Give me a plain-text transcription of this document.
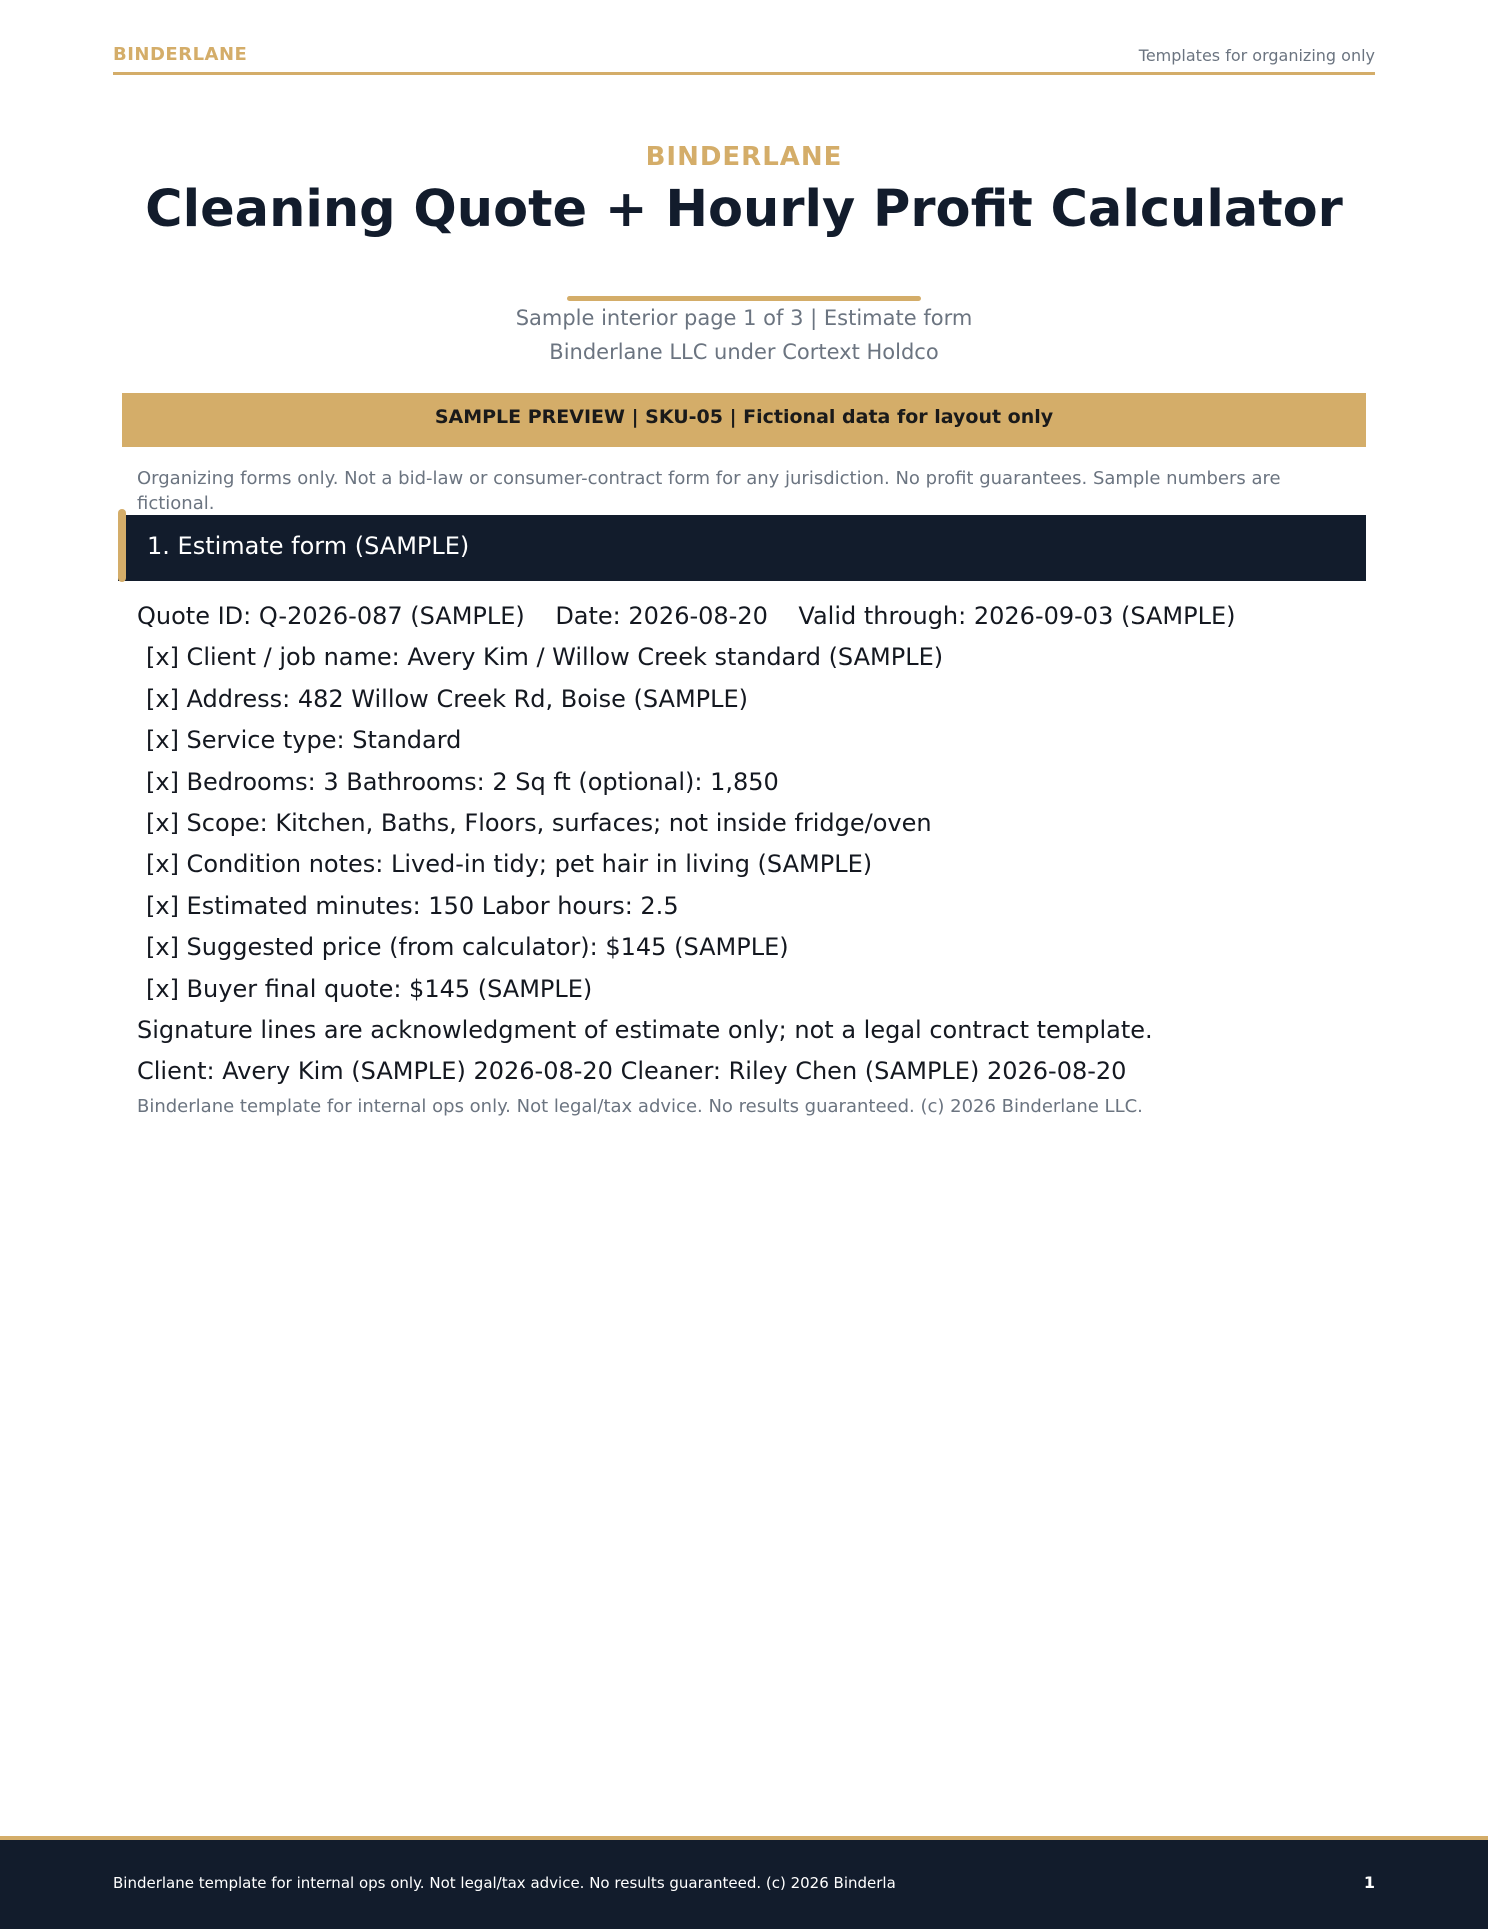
BINDERLANE	Templates for organizing only
BINDERLANE
Cleaning Quote + Hourly Profit Calculator
Sample interior page 1 of 3 | Estimate form
Binderlane LLC under Cortext Holdco
SAMPLE PREVIEW | SKU-05 | Fictional data for layout only
Organizing forms only. Not a bid-law or consumer-contract form for any jurisdiction. No profit guarantees. Sample numbers are fictional.
1. Estimate form (SAMPLE)
Quote ID: Q-2026-087 (SAMPLE)    Date: 2026-08-20    Valid through: 2026-09-03 (SAMPLE)
[x] Client / job name: Avery Kim / Willow Creek standard (SAMPLE)
[x] Address: 482 Willow Creek Rd, Boise (SAMPLE)
[x] Service type: Standard
[x] Bedrooms: 3 Bathrooms: 2 Sq ft (optional): 1,850
[x] Scope: Kitchen, Baths, Floors, surfaces; not inside fridge/oven
[x] Condition notes: Lived-in tidy; pet hair in living (SAMPLE)
[x] Estimated minutes: 150 Labor hours: 2.5
[x] Suggested price (from calculator): $145 (SAMPLE)
[x] Buyer final quote: $145 (SAMPLE)
Signature lines are acknowledgment of estimate only; not a legal contract template.
Client: Avery Kim (SAMPLE) 2026-08-20 Cleaner: Riley Chen (SAMPLE) 2026-08-20
Binderlane template for internal ops only. Not legal/tax advice. No results guaranteed. (c) 2026 Binderlane LLC.
Binderlane template for internal ops only. Not legal/tax advice. No results guaranteed. (c) 2026 Binderla	1
